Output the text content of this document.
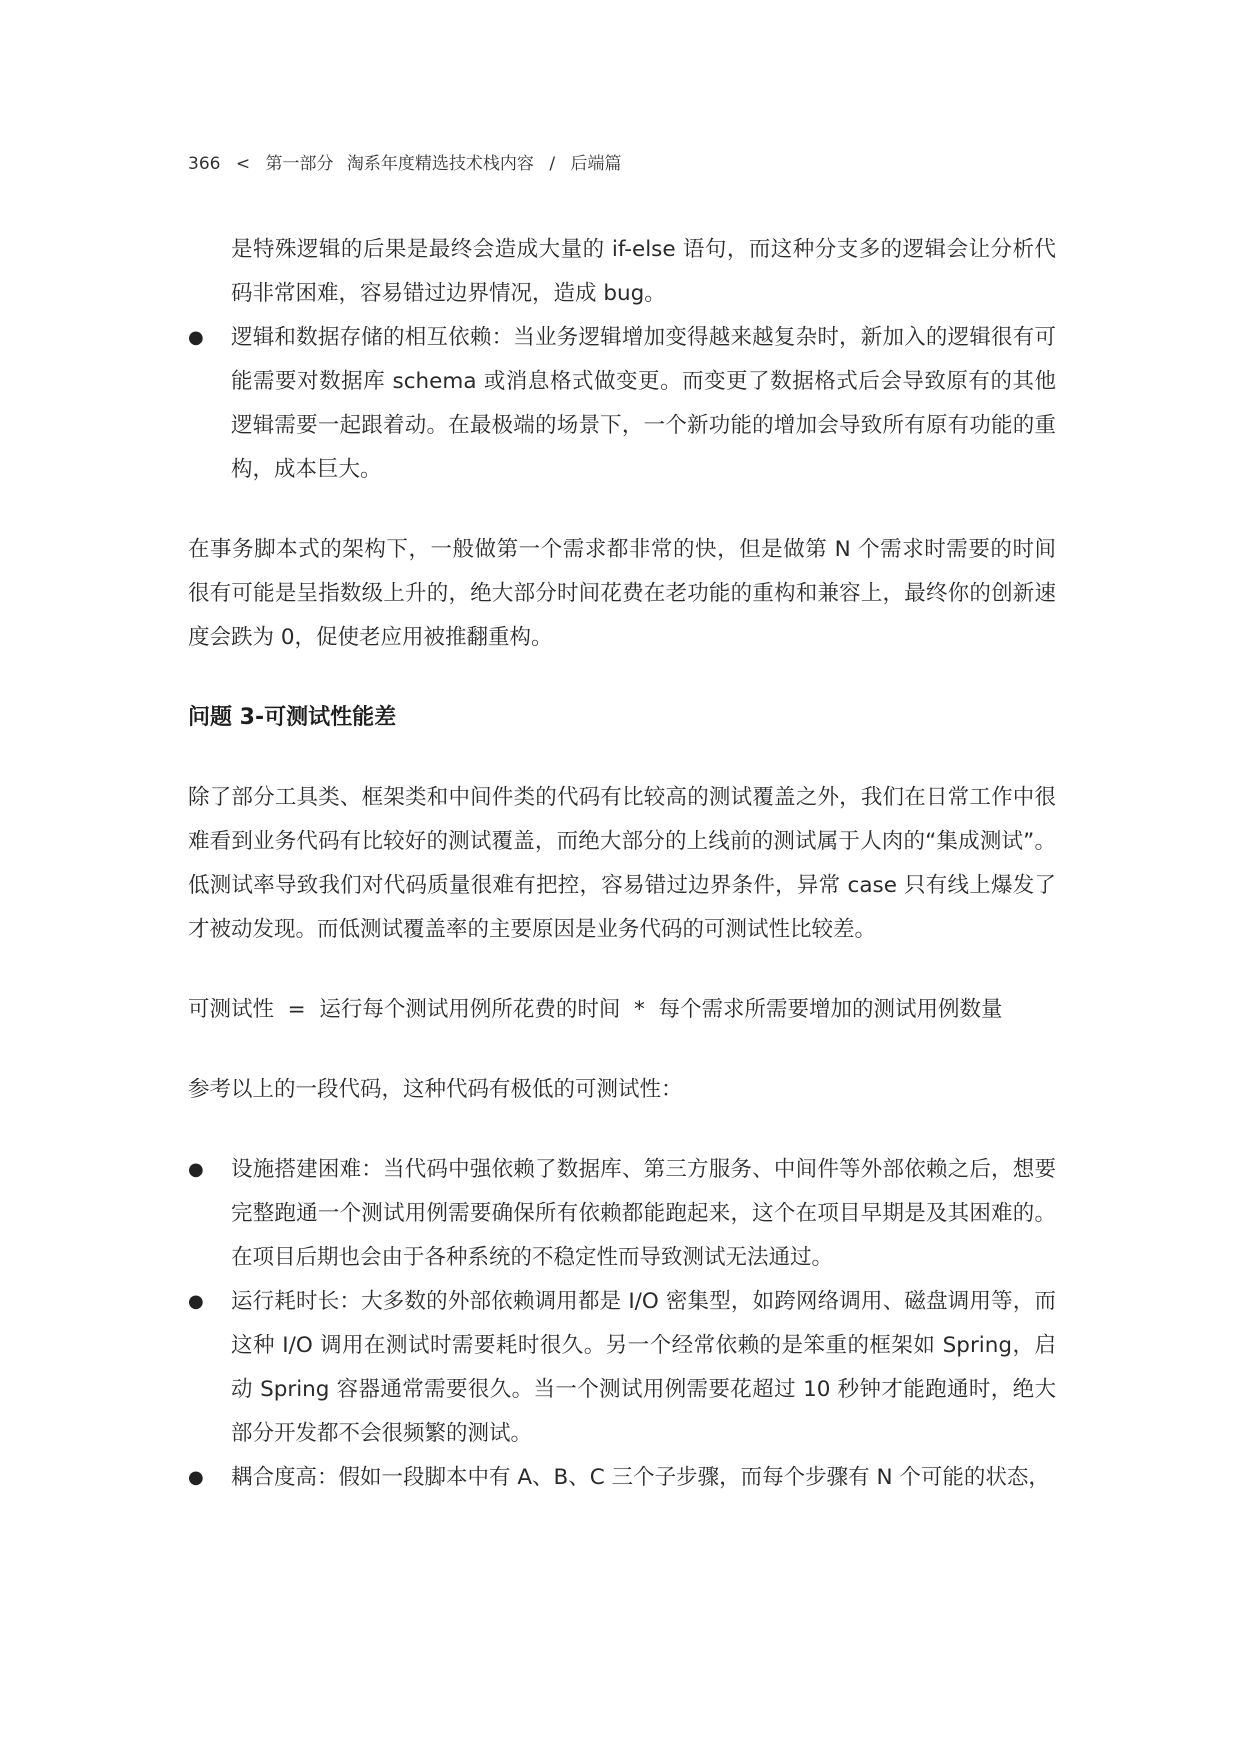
366 < 第一部分 淘系年度精选技术栈内容 / 后端篇

是特殊逻辑的后果是最终会造成大量的 if-else 语句，而这种分支多的逻辑会让分析代码非常困难，容易错过边界情况，造成 bug。

● 逻辑和数据存储的相互依赖：当业务逻辑增加变得越来越复杂时，新加入的逻辑很有可能需要对数据库 schema 或消息格式做变更。而变更了数据格式后会导致原有的其他逻辑需要一起跟着动。在最极端的场景下，一个新功能的增加会导致所有原有功能的重构，成本巨大。

在事务脚本式的架构下，一般做第一个需求都非常的快，但是做第 N 个需求时需要的时间很有可能是呈指数级上升的，绝大部分时间花费在老功能的重构和兼容上，最终你的创新速度会跌为 0，促使老应用被推翻重构。

问题 3-可测试性能差

除了部分工具类、框架类和中间件类的代码有比较高的测试覆盖之外，我们在日常工作中很难看到业务代码有比较好的测试覆盖，而绝大部分的上线前的测试属于人肉的“集成测试”。低测试率导致我们对代码质量很难有把控，容易错过边界条件，异常 case 只有线上爆发了才被动发现。而低测试覆盖率的主要原因是业务代码的可测试性比较差。

可测试性  =  运行每个测试用例所花费的时间  *  每个需求所需要增加的测试用例数量

参考以上的一段代码，这种代码有极低的可测试性：

● 设施搭建困难：当代码中强依赖了数据库、第三方服务、中间件等外部依赖之后，想要完整跑通一个测试用例需要确保所有依赖都能跑起来，这个在项目早期是及其困难的。在项目后期也会由于各种系统的不稳定性而导致测试无法通过。

● 运行耗时长：大多数的外部依赖调用都是 I/O 密集型，如跨网络调用、磁盘调用等，而这种 I/O 调用在测试时需要耗时很久。另一个经常依赖的是笨重的框架如 Spring，启动 Spring 容器通常需要很久。当一个测试用例需要花超过 10 秒钟才能跑通时，绝大部分开发都不会很频繁的测试。

● 耦合度高：假如一段脚本中有 A、B、C 三个子步骤，而每个步骤有 N 个可能的状态，
